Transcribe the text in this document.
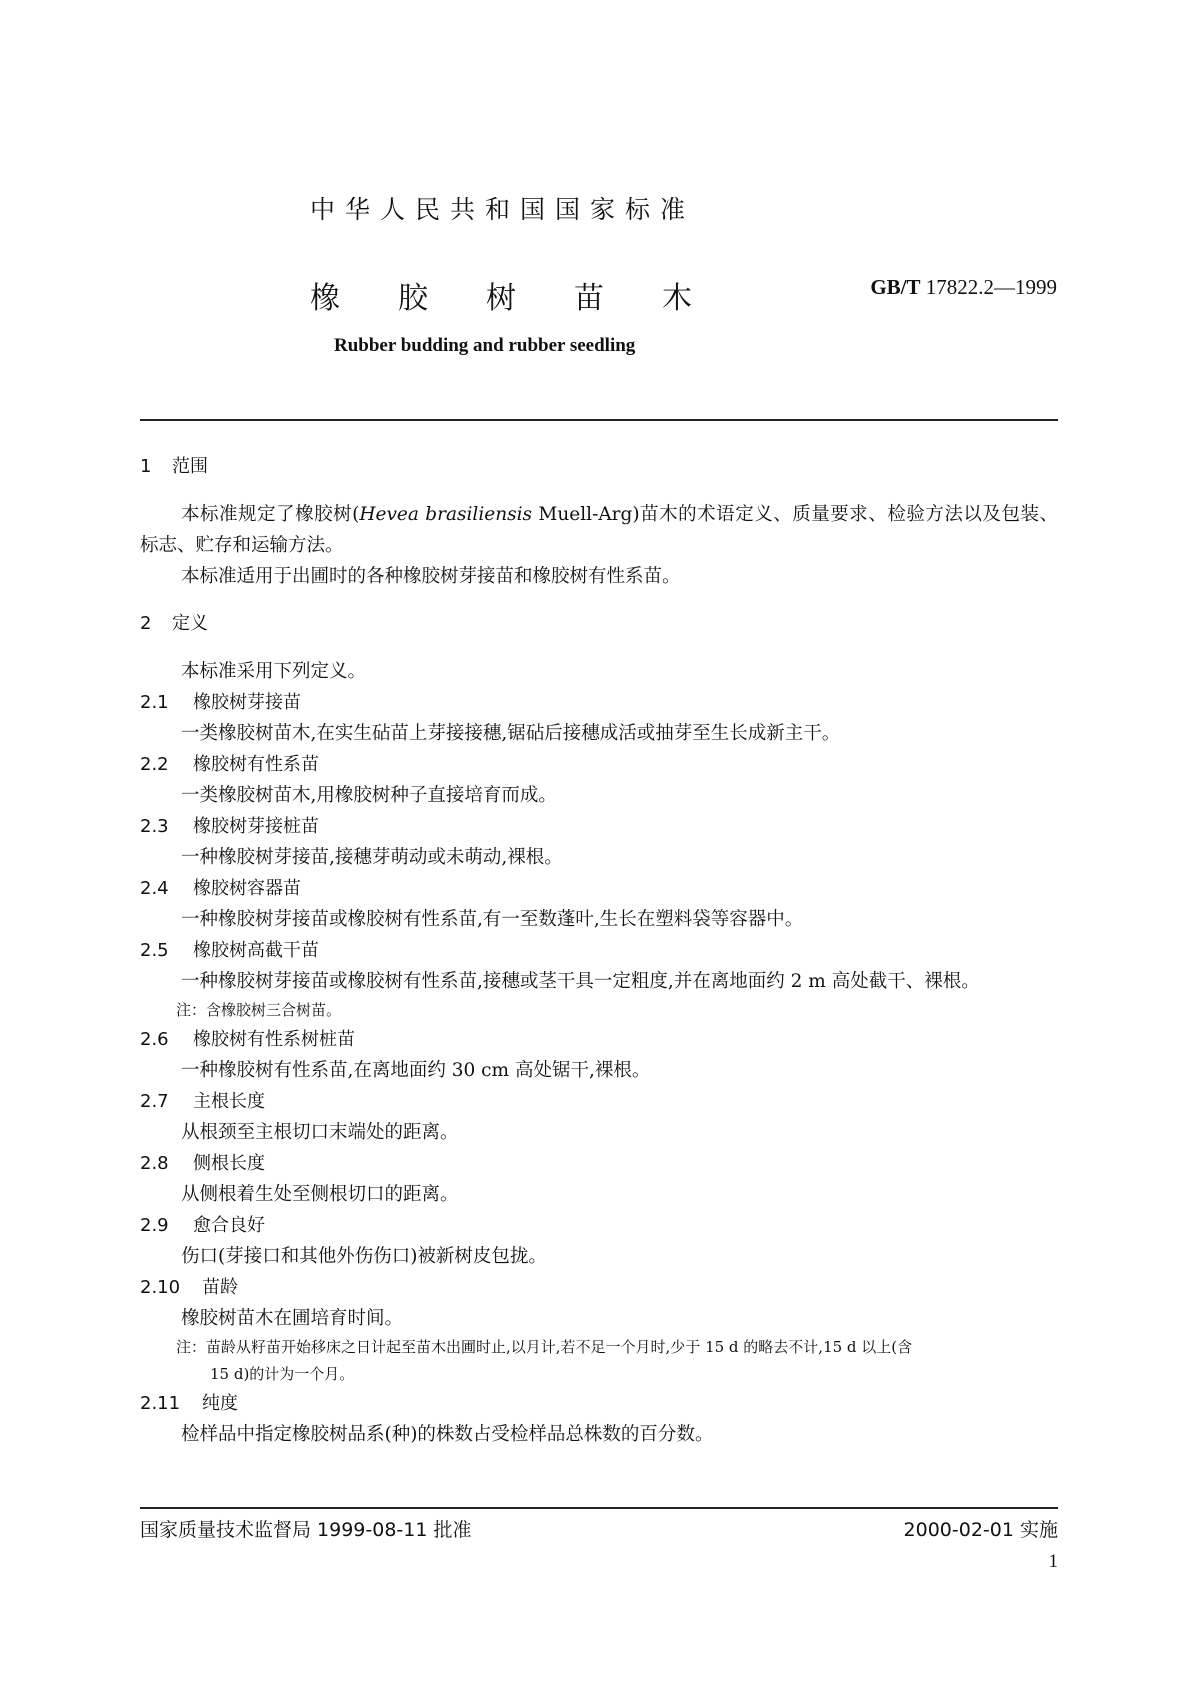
中华人民共和国国家标准
橡胶树苗木	GB/T 17822.2—1999
Rubber budding and rubber seedling

1 范围

本标准规定了橡胶树(Hevea brasiliensis Muell-Arg)苗木的术语定义、质量要求、检验方法以及包装、标志、贮存和运输方法。

本标准适用于出圃时的各种橡胶树芽接苗和橡胶树有性系苗。

2 定义

本标准采用下列定义。

2.1 橡胶树芽接苗

一类橡胶树苗木,在实生砧苗上芽接接穗,锯砧后接穗成活或抽芽至生长成新主干。

2.2 橡胶树有性系苗

一类橡胶树苗木,用橡胶树种子直接培育而成。

2.3 橡胶树芽接桩苗

一种橡胶树芽接苗,接穗芽萌动或未萌动,裸根。

2.4 橡胶树容器苗

一种橡胶树芽接苗或橡胶树有性系苗,有一至数蓬叶,生长在塑料袋等容器中。

2.5 橡胶树高截干苗

一种橡胶树芽接苗或橡胶树有性系苗,接穗或茎干具一定粗度,并在离地面约 2 m 高处截干、裸根。

注：含橡胶树三合树苗。

2.6 橡胶树有性系树桩苗

一种橡胶树有性系苗,在离地面约 30 cm 高处锯干,裸根。

2.7 主根长度

从根颈至主根切口末端处的距离。

2.8 侧根长度

从侧根着生处至侧根切口的距离。

2.9 愈合良好

伤口(芽接口和其他外伤伤口)被新树皮包拢。

2.10 苗龄

橡胶树苗木在圃培育时间。

注：苗龄从籽苗开始移床之日计起至苗木出圃时止,以月计,若不足一个月时,少于 15 d 的略去不计,15 d 以上(含
15 d)的计为一个月。

2.11 纯度

检样品中指定橡胶树品系(种)的株数占受检样品总株数的百分数。

国家质量技术监督局 1999-08-11 批准	2000-02-01 实施
1
